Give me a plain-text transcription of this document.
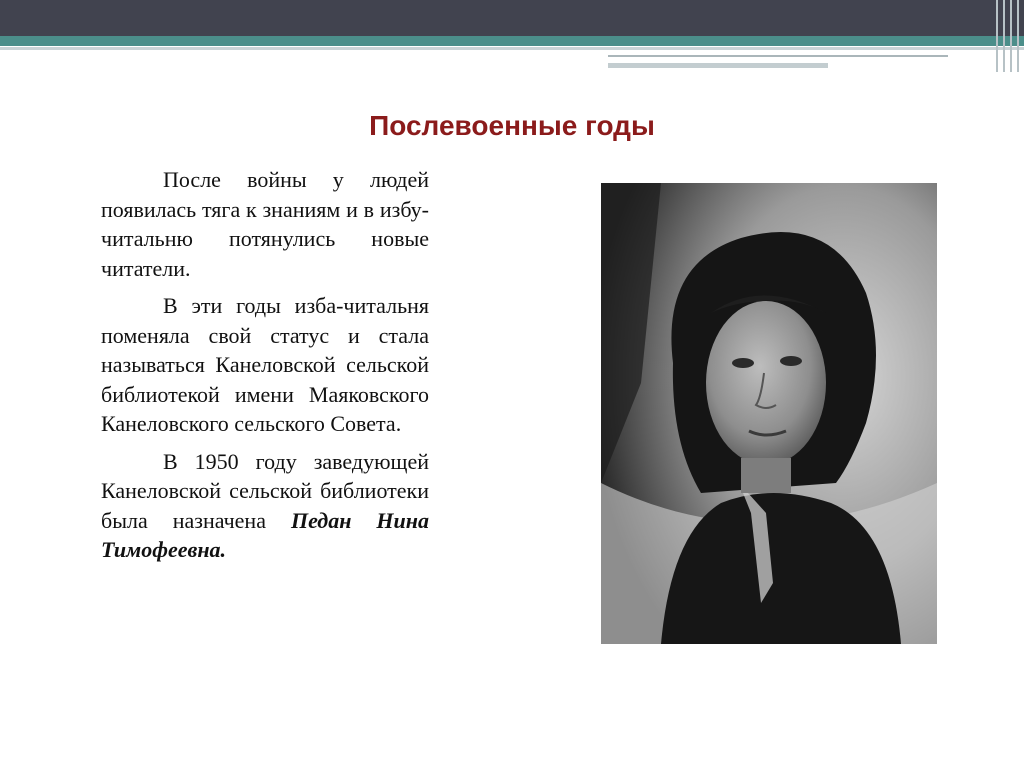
Послевоенные годы

После войны у людей появилась тяга к знаниям и в избу-читальню потянулись новые читатели.

В эти годы изба-читальня поменяла свой статус и стала называться Канеловской сельской библиотекой имени Маяковского Канеловского сельского Совета.

В 1950 году заведующей Канеловской сельской библиотеки была назначена Педан Нина Тимофеевна.
